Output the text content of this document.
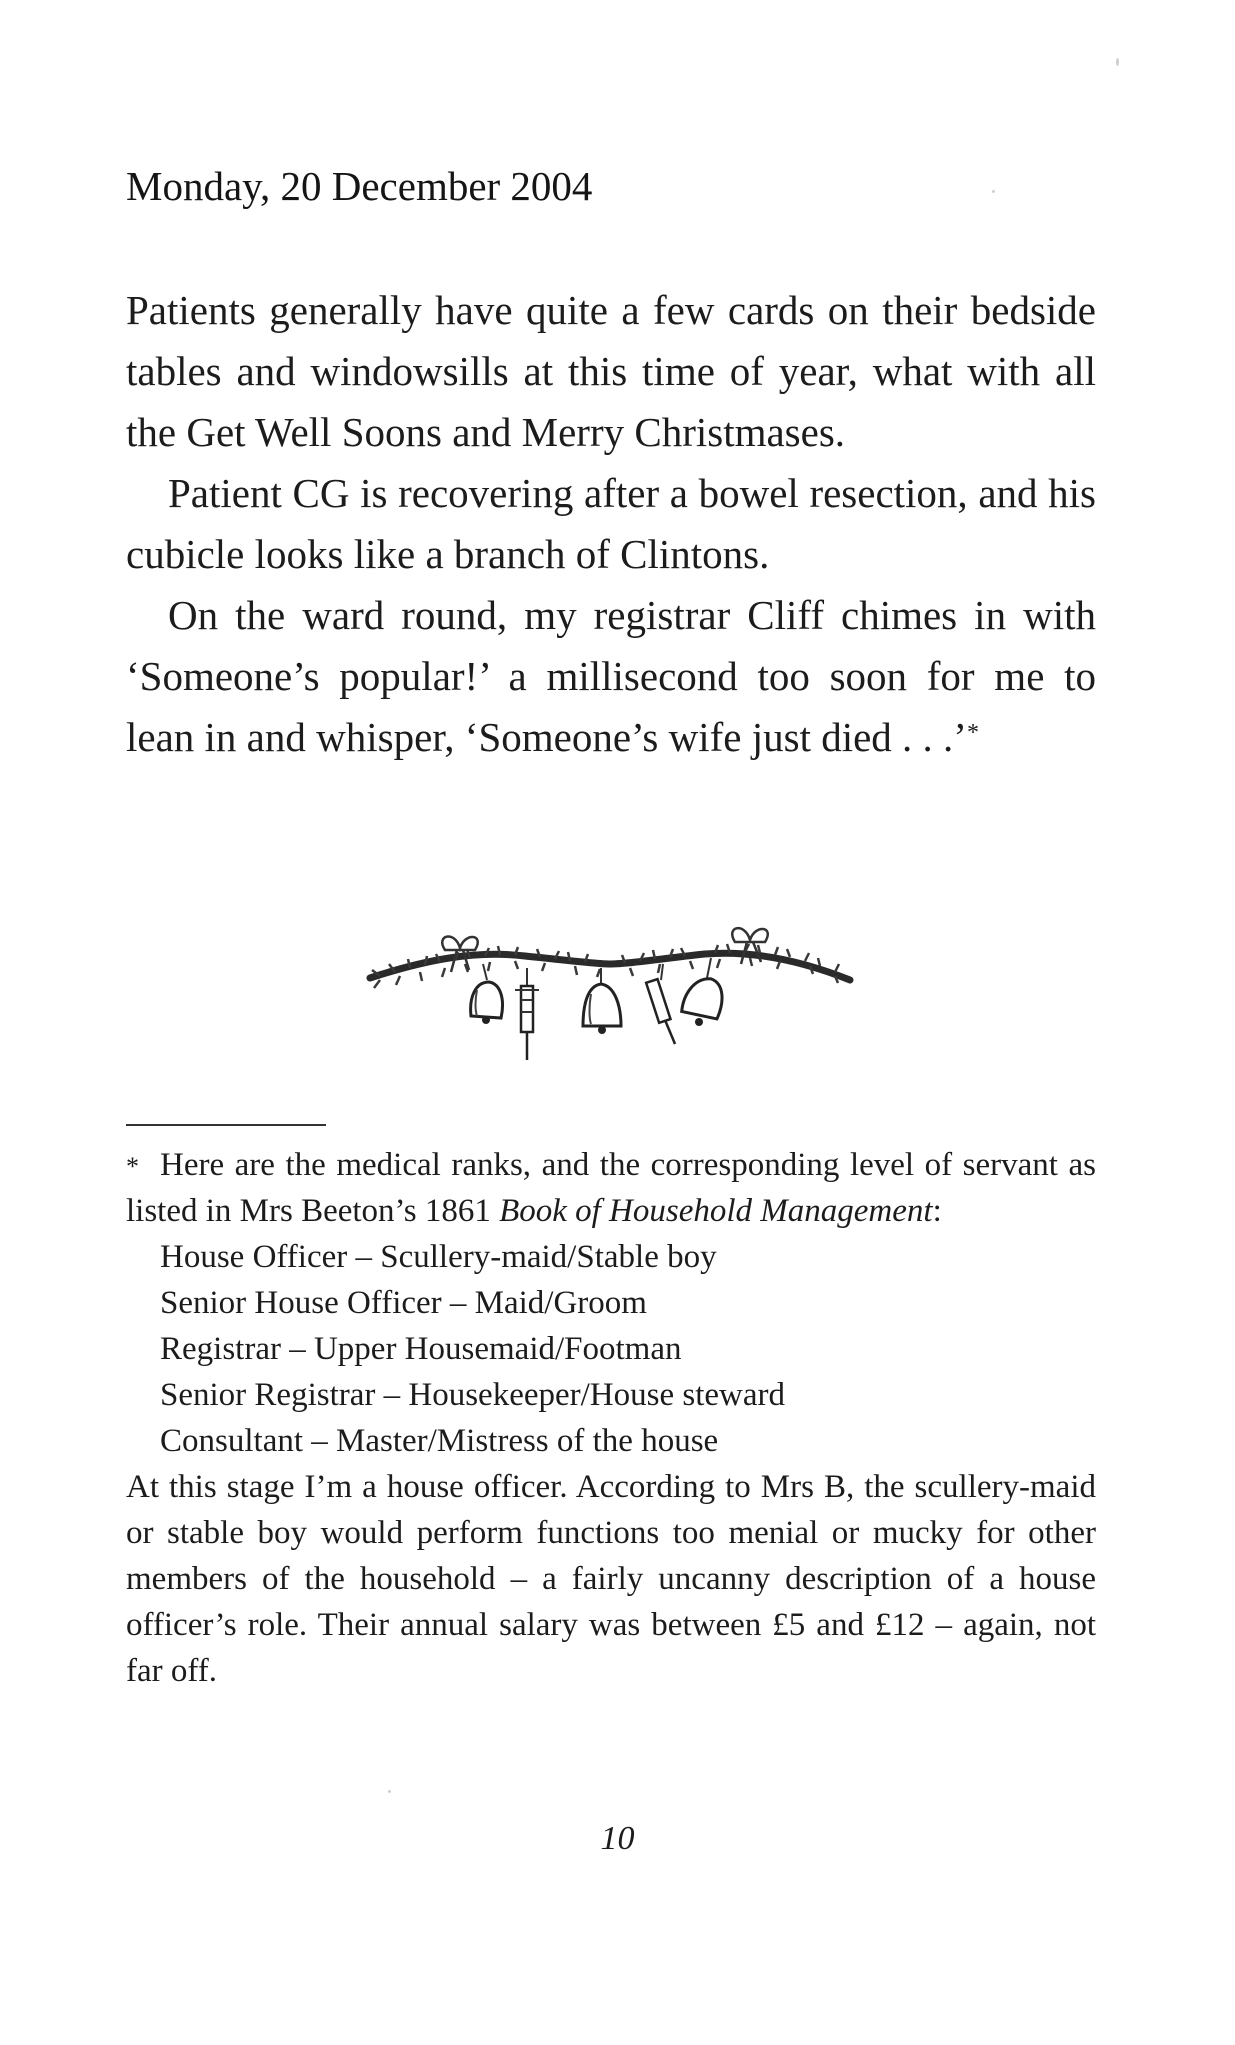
Monday, 20 December 2004

Patients generally have quite a few cards on their bedside tables and windowsills at this time of year, what with all the Get Well Soons and Merry Christmases.

Patient CG is recovering after a bowel resection, and his cubicle looks like a branch of Clintons.

On the ward round, my registrar Cliff chimes in with ‘Someone’s popular!’ a millisecond too soon for me to lean in and whisper, ‘Someone’s wife just died . . .’*

* Here are the medical ranks, and the corresponding level of servant as listed in Mrs Beeton’s 1861 Book of Household Management:

House Officer – Scullery-maid/Stable boy
Senior House Officer – Maid/Groom
Registrar – Upper Housemaid/Footman
Senior Registrar – Housekeeper/House steward
Consultant – Master/Mistress of the house

At this stage I’m a house officer. According to Mrs B, the scullery-maid or stable boy would perform functions too menial or mucky for other members of the household – a fairly uncanny description of a house officer’s role. Their annual salary was between £5 and £12 – again, not far off.

10
